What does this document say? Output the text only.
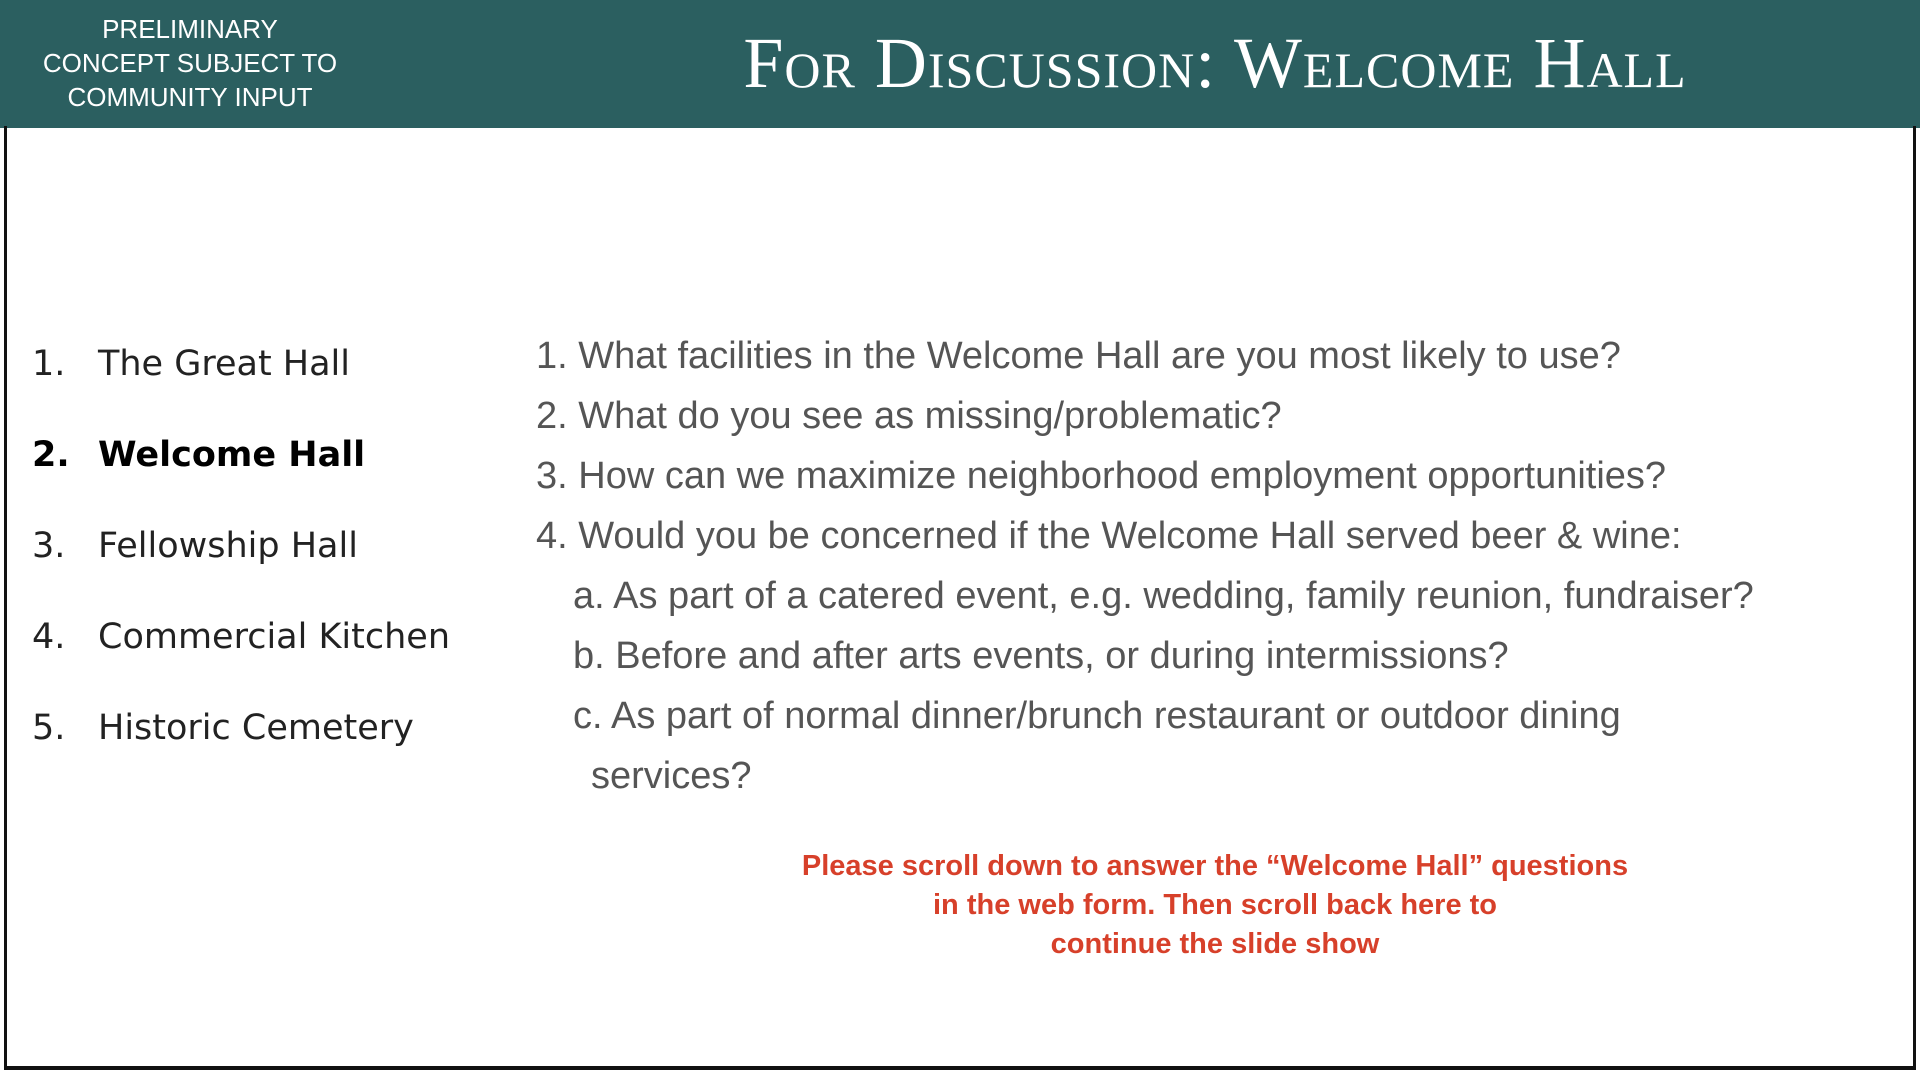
PRELIMINARY
CONCEPT SUBJECT TO
COMMUNITY INPUT	For Discussion: Welcome Hall
1. The Great Hall
2. Welcome Hall
3. Fellowship Hall
4. Commercial Kitchen
5. Historic Cemetery
1. What facilities in the Welcome Hall are you most likely to use?
2. What do you see as missing/problematic?
3. How can we maximize neighborhood employment opportunities?
4. Would you be concerned if the Welcome Hall served beer & wine:
a. As part of a catered event, e.g. wedding, family reunion, fundraiser?
b. Before and after arts events, or during intermissions?
c. As part of normal dinner/brunch restaurant or outdoor dining
services?
Please scroll down to answer the “Welcome Hall” questions
in the web form. Then scroll back here to
continue the slide show
